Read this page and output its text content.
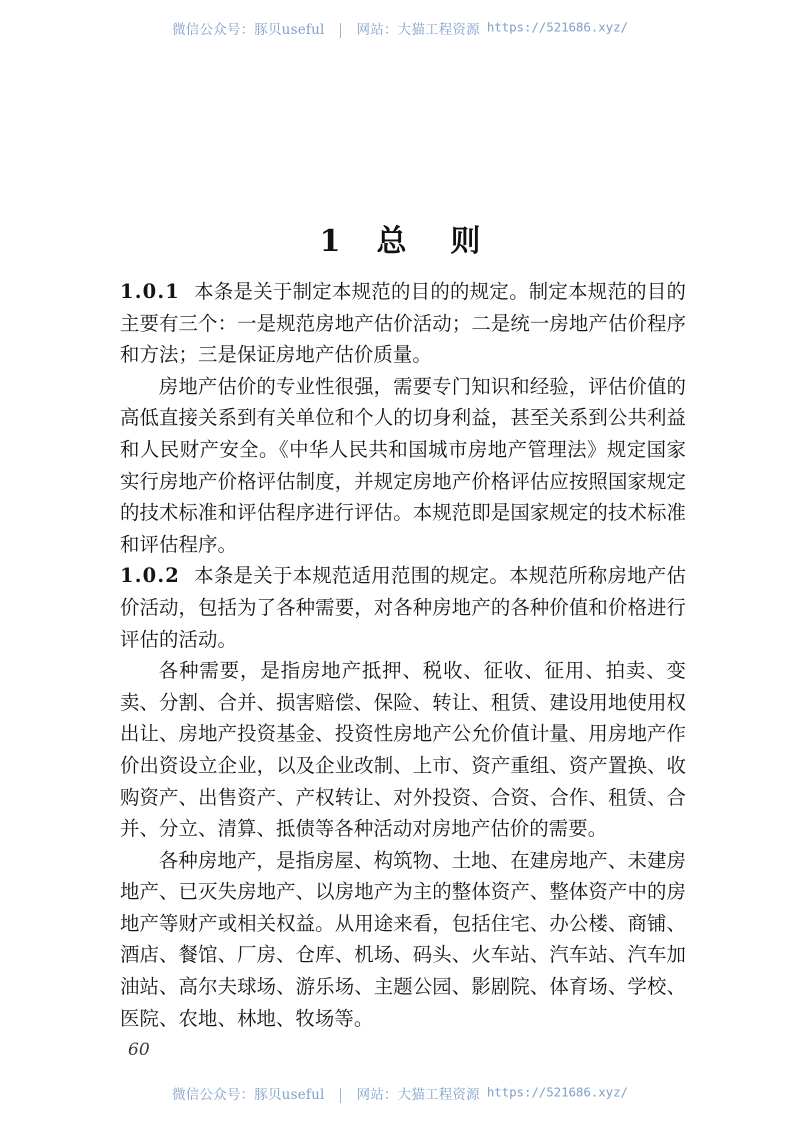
微信公众号：豚贝useful 网站：大猫工程资源 https://521686.xyz/
1 总则

1.0.1 本条是关于制定本规范的目的的规定。制定本规范的目的主要有三个：一是规范房地产估价活动；二是统一房地产估价程序和方法；三是保证房地产估价质量。

房地产估价的专业性很强，需要专门知识和经验，评估价值的高低直接关系到有关单位和个人的切身利益，甚至关系到公共利益和人民财产安全。《中华人民共和国城市房地产管理法》规定国家实行房地产价格评估制度，并规定房地产价格评估应按照国家规定的技术标准和评估程序进行评估。本规范即是国家规定的技术标准和评估程序。

1.0.2 本条是关于本规范适用范围的规定。本规范所称房地产估价活动，包括为了各种需要，对各种房地产的各种价值和价格进行评估的活动。

各种需要，是指房地产抵押、税收、征收、征用、拍卖、变卖、分割、合并、损害赔偿、保险、转让、租赁、建设用地使用权出让、房地产投资基金、投资性房地产公允价值计量、用房地产作价出资设立企业，以及企业改制、上市、资产重组、资产置换、收购资产、出售资产、产权转让、对外投资、合资、合作、租赁、合并、分立、清算、抵债等各种活动对房地产估价的需要。

各种房地产，是指房屋、构筑物、土地、在建房地产、未建房地产、已灭失房地产、以房地产为主的整体资产、整体资产中的房地产等财产或相关权益。从用途来看，包括住宅、办公楼、商铺、酒店、餐馆、厂房、仓库、机场、码头、火车站、汽车站、汽车加油站、高尔夫球场、游乐场、主题公园、影剧院、体育场、学校、医院、农地、林地、牧场等。

60
微信公众号：豚贝useful 网站：大猫工程资源 https://521686.xyz/
